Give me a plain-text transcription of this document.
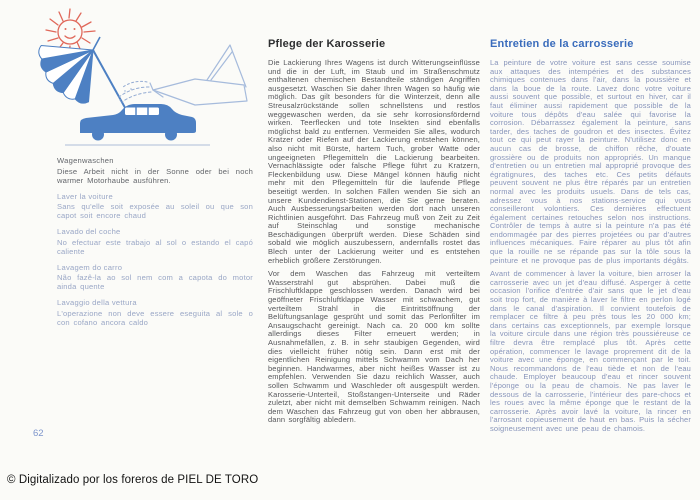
Wagenwaschen
Diese Arbeit nicht in der Sonne oder bei noch warmer Motorhaube ausführen.
Laver la voiture
Sans qu'elle soit exposée au soleil ou que son capot soit encore chaud
Lavado del coche
No efectuar este trabajo al sol o estando el capó caliente
Lavagem do carro
Não fazê-la ao sol nem com a capota do motor ainda quente
Lavaggio della vettura
L'operazione non deve essere eseguita al sole o con cofano ancora caldo
Pflege der Karosserie

Die Lackierung Ihres Wagens ist durch Witterungseinflüsse und die in der Luft, im Staub und im Straßenschmutz enthaltenen chemischen Bestandteile ständigen Angriffen ausgesetzt. Waschen Sie daher Ihren Wagen so häufig wie möglich. Das gilt besonders für die Winterzeit, denn alle Streusalzrückstände sollen schnellstens und restlos weggewaschen werden, da sie sehr korrosionsfördernd wirken. Teerflecken und tote Insekten sind ebenfalls möglichst bald zu entfernen. Vermeiden Sie alles, wodurch Kratzer oder Riefen auf der Lackierung entstehen können, also nicht mit Bürste, hartem Tuch, grober Watte oder ungeeigneten Pflegemitteln die Lackierung bearbeiten. Vernachlässigte oder falsche Pflege führt zu Kratzern, Fleckenbildung usw. Diese Mängel können häufig nicht mehr mit den Pflegemitteln für die laufende Pflege beseitigt werden. In solchen Fällen wenden Sie sich an unsere Kundendienst-Stationen, die Sie gerne beraten. Auch Ausbesserungsarbeiten werden dort nach unseren Richtlinien ausgeführt. Das Fahrzeug muß von Zeit zu Zeit auf Steinschlag und sonstige mechanische Beschädigungen überprüft werden. Diese Schäden sind sobald wie möglich auszubessern, andernfalls rostet das Blech unter der Lackierung weiter und es entstehen erheblich größere Zerstörungen.

Vor dem Waschen das Fahrzeug mit verteiltem Wasserstrahl gut absprühen. Dabei muß die Frischluftklappe geschlossen werden. Danach wird bei geöffneter Frischluftklappe Wasser mit schwachem, gut verteiltem Strahl in die Eintrittsöffnung der Belüftungsanlage gesprüht und somit das Perlonfilter im Ansaugschacht gereinigt. Nach ca. 20 000 km sollte allerdings dieses Filter erneuert werden; in Ausnahmefällen, z. B. in sehr staubigen Gegenden, wird dies vielleicht früher nötig sein. Dann erst mit der eigentlichen Reinigung mittels Schwamm vom Dach her beginnen. Handwarmes, aber nicht heißes Wasser ist zu empfehlen. Verwenden Sie dazu reichlich Wasser, auch sollen Schwamm und Waschleder oft ausgespült werden. Karosserie-Unterteil, Stoßstangen-Unterseite und Räder zuletzt, aber nicht mit demselben Schwamm reinigen. Nach dem Waschen das Fahrzeug gut von oben her abbrausen, dann sorgfältig abledern.

Entretien de la carrosserie

La peinture de votre voiture est sans cesse soumise aux attaques des intempéries et des substances chimiques contenues dans l'air, dans la poussière et dans la boue de la route. Lavez donc votre voiture aussi souvent que possible, et surtout en hiver, car il faut éliminer aussi rapidement que possible de la voiture tous dépôts d'eau salée qui favorise la corrosion. Débarrassez également la peinture, sans tarder, des taches de goudron et des insectes. Évitez tout ce qui peut rayer la peinture. N'utilisez donc en aucun cas de brosse, de chiffon rêche, d'ouate grossière ou de produits non appropriés. Un manque d'entretien ou un entretien mal approprié provoque des égratignures, des taches etc. Ces petits défauts peuvent souvent ne plus être réparés par un entretien normal avec les produits usuels. Dans de tels cas, adressez vous à nos stations-service qui vous conseilleront volontiers. Ces dernières effectuent également certaines retouches selon nos instructions. Contrôler de temps à autre si la peinture n'a pas été endommagée par des pierres projetées ou par d'autres influences mécaniques. Faire réparer au plus tôt afin que la rouille ne se répande pas sur la tôle sous la peinture et ne provoque pas de plus importants dégâts.

Avant de commencer à laver la voiture, bien arroser la carrosserie avec un jet d'eau diffusé. Asperger à cette occasion l'orifice d'entrée d'air sans que le jet d'eau soit trop fort, de manière à laver le filtre en perlon logé dans le canal d'aspiration. Il convient toutefois de remplacer ce filtre à peu près tous les 20 000 km; dans certains cas exceptionnels, par exemple lorsque la voiture circule dans une région très poussiéreuse ce filtre devra être remplacé plus tôt. Après cette opération, commencer le lavage proprement dit de la voiture avec une éponge, en commençant par le toit. Nous recommandons de l'eau tiède et non de l'eau chaude. Employer beaucoup d'eau et rincer souvent l'éponge ou la peau de chamois. Ne pas laver le dessous de la carrosserie, l'intérieur des pare-chocs et les roues avec la même éponge que le restant de la carrosserie. Après avoir lavé la voiture, la rincer en l'arrosant copieusement de haut en bas. Puis la sécher soigneusement avec une peau de chamois.

62
© Digitalizado por los foreros de PIEL DE TORO
